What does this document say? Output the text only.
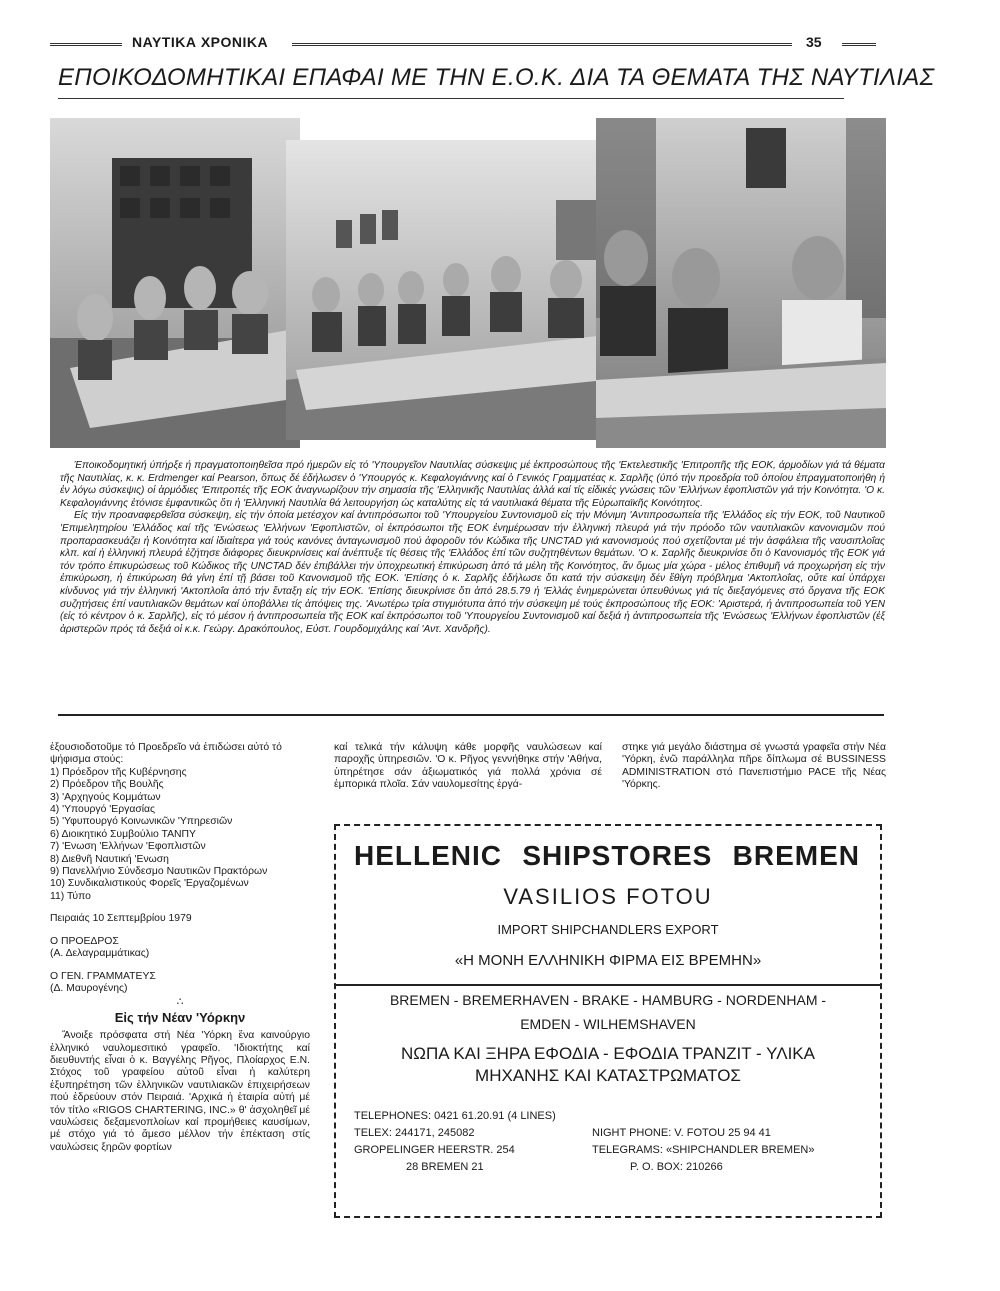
ΝΑΥΤΙΚΑ ΧΡΟΝΙΚΑ	35
ΕΠΟΙΚΟΔΟΜΗΤΙΚΑΙ ΕΠΑΦΑΙ ΜΕ ΤΗΝ Ε.Ο.Κ. ΔΙΑ ΤΑ ΘΕΜΑΤΑ ΤΗΣ ΝΑΥΤΙΛΙΑΣ

Έποικοδομητική ύπήρξε ή πραγματοποιηθεῖσα πρό ήμερῶν εἰς τό 'Υπουργεῖον Ναυτιλίας σύσκεψις μέ ἐκπροσώπους τῆς 'Εκτελεστικῆς 'Επιτροπῆς τῆς ΕΟΚ, άρμοδίων γιά τά θέματα τῆς Ναυτιλίας, κ. κ. Erdmenger καί Pearson, ὅπως δέ ἐδήλωσεν ὁ 'Υπουργός κ. Κεφαλογιάννης καί ὁ Γενικός Γραμματέας κ. Σαρλῆς (ύπό τήν προεδρία τοῦ ὁποίου ἐπραγματοποιήθη ἡ ἐν λόγω σύσκεψις) οἱ ἁρμόδιες 'Επιτροπές τῆς ΕΟΚ ἀναγνωρίζουν τήν σημασία τῆς 'Ελληνικῆς Ναυτιλίας ἀλλά καί τίς εἰδικές γνώσεις τῶν 'Ελλήνων ἐφοπλιστῶν γιά τήν Κοινότητα. 'Ο κ. Κεφαλογιάννης ἐτόνισε ἐμφαντικῶς ὅτι ἡ 'Ελληνική Ναυτιλία θά λειτουργήση ὡς καταλύτης εἰς τά ναυτιλιακά θέματα τῆς Εὐρωπαϊκῆς Κοινότητος.

Εἰς τήν προαναφερθεῖσα σύσκεψη, εἰς τήν ὁποία μετέσχον καί ἀντιπρόσωποι τοῦ 'Υπουργείου Συντονισμοῦ εἰς τήν Μόνιμη 'Αντιπροσωπεία τῆς 'Ελλάδος εἰς τήν ΕΟΚ, τοῦ Ναυτικοῦ 'Επιμελητηρίου 'Ελλάδος καί τῆς 'Ενώσεως 'Ελλήνων 'Εφοπλιστῶν, οἱ ἐκπρόσωποι τῆς ΕΟΚ ἐνημέρωσαν τήν ἑλληνική πλευρά γιά τήν πρόοδο τῶν ναυτιλιακῶν κανονισμῶν πού προπαρασκευάζει ἡ Κοινότητα καί ἰδιαίτερα γιά τούς κανόνες ἀνταγωνισμοῦ πού ἀφοροῦν τόν Κώδικα τῆς UNCTAD γιά κανονισμούς πού σχετίζονται μέ τήν ἀσφάλεια τῆς ναυσιπλοΐας κλπ. καί ἡ ἑλληνική πλευρά ἐζήτησε διάφορες διευκρινίσεις καί ἀνέπτυξε τίς θέσεις τῆς 'Ελλάδος ἐπί τῶν συζητηθέντων θεμάτων. 'Ο κ. Σαρλῆς διευκρινίσε ὅτι ὁ Κανονισμός τῆς ΕΟΚ γιά τόν τρόπο ἐπικυρώσεως τοῦ Κώδικος τῆς UNCTAD δέν ἐπιβάλλει τήν ὑποχρεωτική ἐπικύρωση ἀπό τά μέλη τῆς Κοινότητος, ἄν ὅμως μία χώρα - μέλος ἐπιθυμῆ νά προχωρήση εἰς τήν ἐπικύρωση, ἡ ἐπικύρωση θά γίνη ἐπί τῇ βάσει τοῦ Κανονισμοῦ τῆς ΕΟΚ. 'Επίσης ὁ κ. Σαρλῆς ἐδήλωσε ὅτι κατά τήν σύσκεψη δέν ἔθίγη πρόβλημα 'Ακτοπλοΐας, οὔτε καί ὑπάρχει κίνδυνος γιά τήν ἑλληνική 'Ακτοπλοΐα ἀπό τήν ἔνταξη εἰς τήν ΕΟΚ. 'Επίσης διευκρίνισε ὅτι ἀπό 28.5.79 ἡ 'Ελλάς ἐνημερώνεται ὑπευθύνως γιά τίς διεξαγόμενες στό ὄργανα τῆς ΕΟΚ συζητήσεις ἐπί ναυτιλιακῶν θεμάτων καί ὑποβάλλει τίς ἀπόψεις της. 'Ανωτέρω τρία στιγμιότυπα ἀπό τήν σύσκεψη μέ τούς ἐκπροσώπους τῆς ΕΟΚ: 'Αριστερά, ἡ ἀντιπροσωπεία τοῦ ΥΕΝ (εἰς τό κέντρον ὁ κ. Σαρλῆς), εἰς τό μέσον ἡ ἀντιπροσωπεία τῆς ΕΟΚ καί ἐκπρόσωποι τοῦ 'Υπουργείου Συντονισμοῦ καί δεξιά ἡ ἀντιπροσωπεία τῆς 'Ενώσεως 'Ελλήνων ἐφοπλιστῶν (ἐξ ἀριστερῶν πρός τά δεξιά οἱ κ.κ. Γεώργ. Δρακόπουλος, Εὐστ. Γουρδομιχάλης καί 'Αντ. Χανδρῆς).

ἐξουσιοδοτοῦμε τό Προεδρεῖο νά ἐπιδώσει αὐτό τό ψήφισμα στούς:

1) Πρόεδρον τῆς Κυβέρνησης
2) Πρόεδρον τῆς Βουλῆς
3) 'Αρχηγούς Κομμάτων
4) 'Υπουργό 'Εργασίας
5) 'Υφυπουργό Κοινωνικῶν 'Υπηρεσιῶν
6) Διοικητικό Συμβούλιο ΤΑΝΠΥ
7) 'Ενωση 'Ελλήνων 'Εφοπλιστῶν
8) Διεθνῆ Ναυτική 'Ενωση
9) Πανελλήνιο Σύνδεσμο Ναυτικῶν Πρακτόρων
10) Συνδικαλιστικούς Φορεῖς 'Εργαζομένων
11) Τύπο

Πειραιάς 10 Σεπτεμβρίου 1979

Ο ΠΡΟΕΔΡΟΣ

(Α. Δελαγραμμάτικας)

Ο ΓΕΝ. ΓΡΑΜΜΑΤΕΥΣ

(Δ. Μαυρογένης)

∴

Εἰς τήν Νέαν 'Υόρκην

Ἄνοιξε πρόσφατα στή Νέα 'Υόρκη ἕνα καινούργιο ἑλληνικό ναυλομεσιτικό γραφεῖο. 'Ιδιοκτήτης καί διευθυντής εἶναι ὁ κ. Βαγγέλης Ρῆγος, Πλοίαρχος Ε.Ν. Στόχος τοῦ γραφείου αὐτοῦ εἶναι ἡ καλύτερη ἐξυπηρέτηση τῶν ἑλληνικῶν ναυτιλιακῶν ἐπιχειρήσεων πού ἑδρεύουν στόν Πειραιά. 'Αρχικά ἡ ἑταιρία αὐτή μέ τόν τίτλο «RIGOS CHARTERING, INC.» θ' ἀσχοληθεῖ μέ ναυλώσεις δεξαμενοπλοίων καί προμήθειες καυσίμων, μέ στόχο γιά τό ἄμεσο μέλλον τήν ἐπέκταση στίς ναυλώσεις ξηρῶν φορτίων

καί τελικά τήν κάλυψη κάθε μορφῆς ναυλώσεων καί παροχῆς ὑπηρεσιῶν. 'Ο κ. Ρῆγος γεννήθηκε στήν 'Αθήνα, ὑπηρέτησε σάν ἀξιωματικός γιά πολλά χρόνια σέ ἐμπορικά πλοῖα. Σάν ναυλομεσίτης ἐργά-

στηκε γιά μεγάλο διάστημα σέ γνωστά γραφεῖα στήν Νέα 'Υόρκη, ἐνῶ παράλληλα πῆρε δίπλωμα σέ BUSSINESS ADMINISTRATION στό Πανεπιστήμιο PACE τῆς Νέας 'Υόρκης.

HELLENIC SHIPSTORES BREMEN
VASILIOS FOTOU
IMPORT SHIPCHANDLERS EXPORT
«Η ΜΟΝΗ ΕΛΛΗΝΙΚΗ ΦΙΡΜΑ ΕΙΣ ΒΡΕΜΗΝ»
BREMEN - BREMERHAVEN - BRAKE - HAMBURG - NORDENHAM -
EMDEN - WILHEMSHAVEN
ΝΩΠΑ ΚΑΙ ΞΗΡΑ ΕΦΟΔΙΑ - ΕΦΟΔΙΑ ΤΡΑΝΖΙΤ - ΥΛΙΚΑ
ΜΗΧΑΝΗΣ ΚΑΙ ΚΑΤΑΣΤΡΩΜΑΤΟΣ
TELEPHONES: 0421 61.20.91 (4 LINES)
TELEX: 244171, 245082	NIGHT PHONE: V. FOTOU 25 94 41
GROPELINGER HEERSTR. 254	TELEGRAMS: «SHIPCHANDLER BREMEN»
28 BREMEN 21	P. O. BOX: 210266
